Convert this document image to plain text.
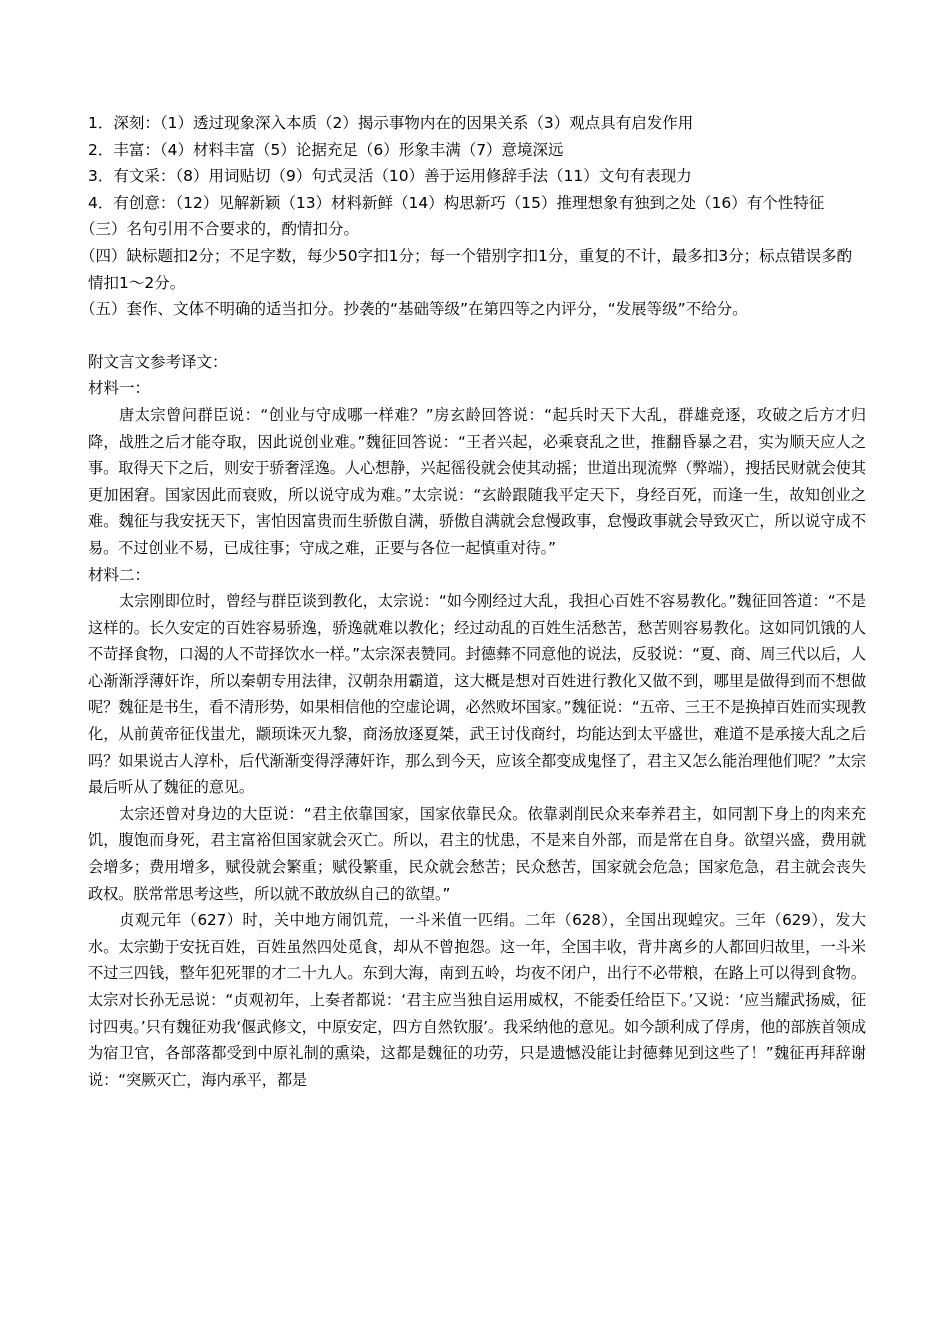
1．深刻：（1）透过现象深入本质（2）揭示事物内在的因果关系（3）观点具有启发作用

2．丰富：（4）材料丰富（5）论据充足（6）形象丰满（7）意境深远

3．有文采：（8）用词贴切（9）句式灵活（10）善于运用修辞手法（11）文句有表现力

4．有创意：（12）见解新颖（13）材料新鲜（14）构思新巧（15）推理想象有独到之处（16）有个性特征

（三）名句引用不合要求的，酌情扣分。

（四）缺标题扣2分；不足字数，每少50字扣1分；每一个错别字扣1分，重复的不计，最多扣3分；标点错误多酌情扣1～2分。

（五）套作、文体不明确的适当扣分。抄袭的“基础等级”在第四等之内评分，“发展等级”不给分。

附文言文参考译文：

材料一：

唐太宗曾问群臣说：“创业与守成哪一样难？”房玄龄回答说：“起兵时天下大乱，群雄竞逐，攻破之后方才归降，战胜之后才能夺取，因此说创业难。”魏征回答说：“王者兴起，必乘衰乱之世，推翻昏暴之君，实为顺天应人之事。取得天下之后，则安于骄奢淫逸。人心想静，兴起徭役就会使其动摇；世道出现流弊（弊端），搜括民财就会使其更加困窘。国家因此而衰败，所以说守成为难。”太宗说：“玄龄跟随我平定天下，身经百死，而逢一生，故知创业之难。魏征与我安抚天下，害怕因富贵而生骄傲自满，骄傲自满就会怠慢政事，怠慢政事就会导致灭亡，所以说守成不易。不过创业不易，已成往事；守成之难，正要与各位一起慎重对待。”

材料二：

太宗刚即位时，曾经与群臣谈到教化，太宗说：“如今刚经过大乱，我担心百姓不容易教化。”魏征回答道：“不是这样的。长久安定的百姓容易骄逸，骄逸就难以教化；经过动乱的百姓生活愁苦，愁苦则容易教化。这如同饥饿的人不苛择食物，口渴的人不苛择饮水一样。”太宗深表赞同。封德彝不同意他的说法，反驳说：“夏、商、周三代以后，人心渐渐浮薄奸诈，所以秦朝专用法律，汉朝杂用霸道，这大概是想对百姓进行教化又做不到，哪里是做得到而不想做呢？魏征是书生，看不清形势，如果相信他的空虚论调，必然败坏国家。”魏征说：“五帝、三王不是换掉百姓而实现教化，从前黄帝征伐蚩尤，颛顼诛灭九黎，商汤放逐夏桀，武王讨伐商纣，均能达到太平盛世，难道不是承接大乱之后吗？如果说古人淳朴，后代渐渐变得浮薄奸诈，那么到今天，应该全都变成鬼怪了，君主又怎么能治理他们呢？”太宗最后听从了魏征的意见。

太宗还曾对身边的大臣说：“君主依靠国家，国家依靠民众。依靠剥削民众来奉养君主，如同割下身上的肉来充饥，腹饱而身死，君主富裕但国家就会灭亡。所以，君主的忧患，不是来自外部，而是常在自身。欲望兴盛，费用就会增多；费用增多，赋役就会繁重；赋役繁重，民众就会愁苦；民众愁苦，国家就会危急；国家危急，君主就会丧失政权。朕常常思考这些，所以就不敢放纵自己的欲望。”

贞观元年（627）时，关中地方闹饥荒，一斗米值一匹绢。二年（628），全国出现蝗灾。三年（629），发大水。太宗勤于安抚百姓，百姓虽然四处觅食，却从不曾抱怨。这一年，全国丰收，背井离乡的人都回归故里，一斗米不过三四钱，整年犯死罪的才二十九人。东到大海，南到五岭，均夜不闭户，出行不必带粮，在路上可以得到食物。太宗对长孙无忌说：“贞观初年，上奏者都说：‘君主应当独自运用威权，不能委任给臣下。’又说：‘应当耀武扬威，征讨四夷。’只有魏征劝我‘偃武修文，中原安定，四方自然钦服’。我采纳他的意见。如今颉利成了俘虏，他的部族首领成为宿卫官，各部落都受到中原礼制的熏染，这都是魏征的功劳，只是遗憾没能让封德彝见到这些了！”魏征再拜辞谢说：“突厥灭亡，海内承平，都是
